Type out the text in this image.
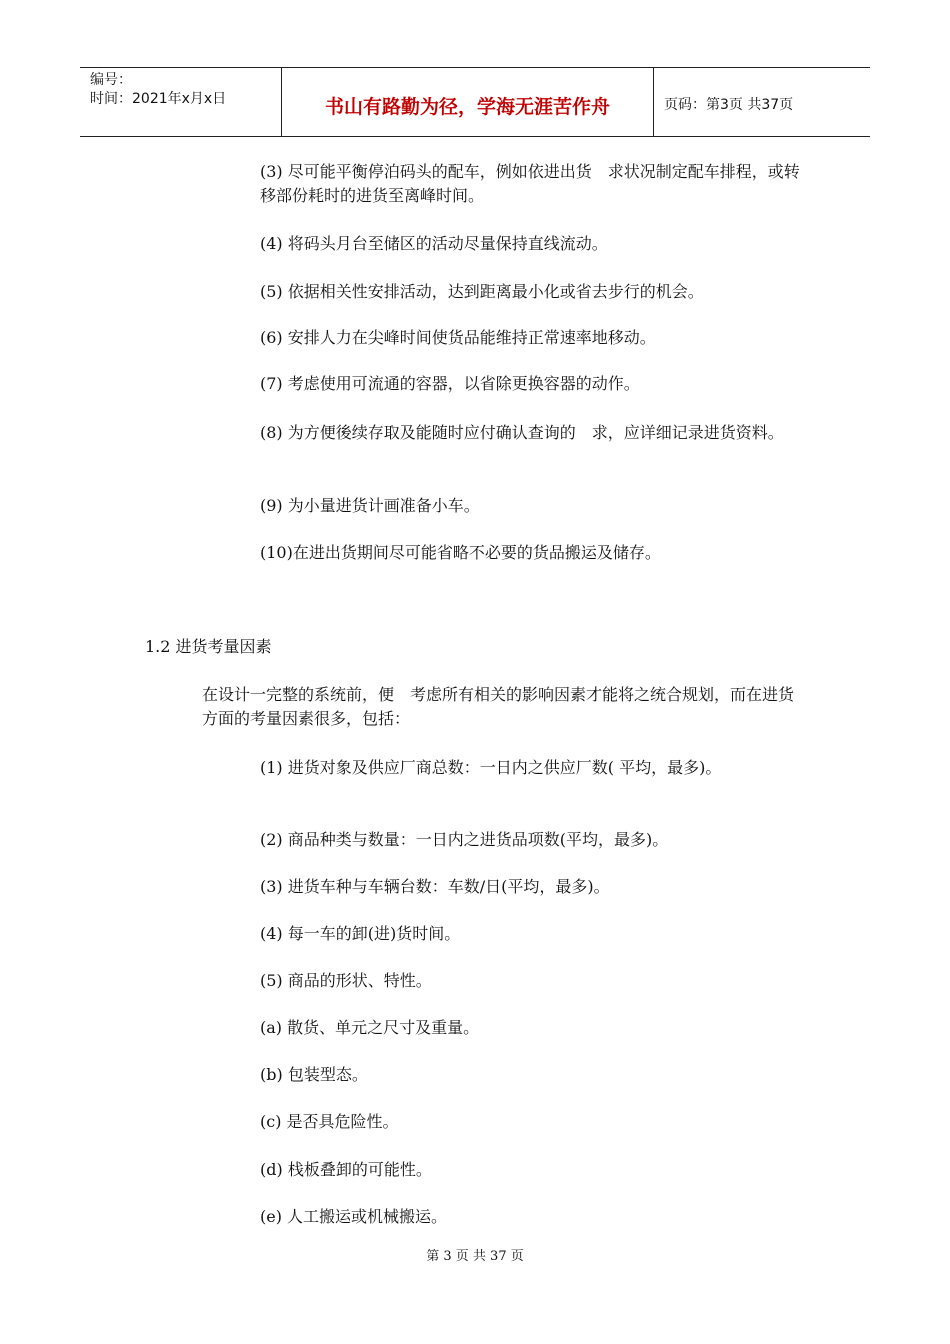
编号：
时间：2021年x月x日	书山有路勤为径，学海无涯苦作舟	页码：第3页 共37页

(3) 尽可能平衡停泊码头的配车，例如依进出货　求状况制定配车排程，或转移部份耗时的进货至离峰时间。

(4) 将码头月台至储区的活动尽量保持直线流动。

(5) 依据相关性安排活动，达到距离最小化或省去步行的机会。

(6) 安排人力在尖峰时间使货品能维持正常速率地移动。

(7) 考虑使用可流通的容器，以省除更换容器的动作。

(8) 为方便後续存取及能随时应付确认查询的　求，应详细记录进货资料。

(9) 为小量进货计画准备小车。

(10)在进出货期间尽可能省略不必要的货品搬运及储存。

1.2 进货考量因素

在设计一完整的系统前，便　考虑所有相关的影响因素才能将之统合规划，而在进货方面的考量因素很多，包括：

(1) 进货对象及供应厂商总数：一日内之供应厂数( 平均，最多)。

(2) 商品种类与数量：一日内之进货品项数(平均，最多)。

(3) 进货车种与车辆台数：车数/日(平均，最多)。

(4) 每一车的卸(进)货时间。

(5) 商品的形状、特性。

(a) 散货、单元之尺寸及重量。

(b) 包装型态。

(c) 是否具危险性。

(d) 栈板叠卸的可能性。

(e) 人工搬运或机械搬运。

第 3 页 共 37 页
